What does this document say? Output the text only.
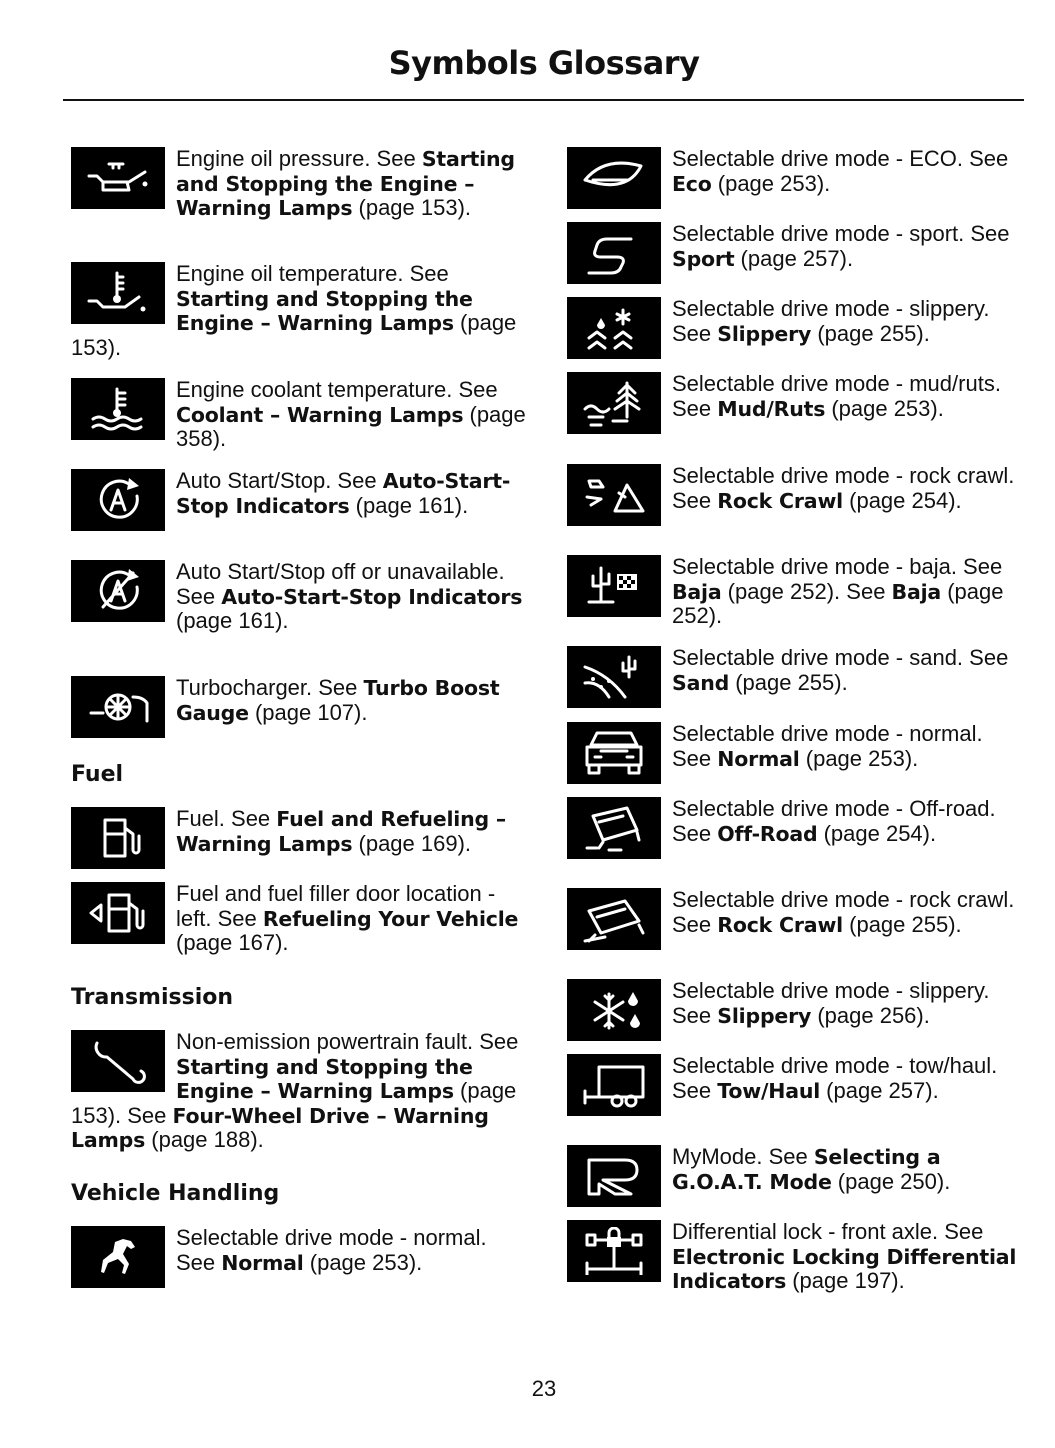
Symbols Glossary
Fuel
Transmission
Vehicle Handling
Engine oil pressure. See Starting and Stopping the Engine – Warning Lamps (page 153).
Engine oil temperature. See Starting and Stopping the Engine – Warning Lamps (page 153).
Engine coolant temperature. See Coolant – Warning Lamps (page 358).
Auto Start/Stop. See Auto-Start-Stop Indicators (page 161).
Auto Start/Stop off or unavailable. See Auto-Start-Stop Indicators (page 161).
Turbocharger. See Turbo Boost Gauge (page 107).
Fuel. See Fuel and Refueling – Warning Lamps (page 169).
Fuel and fuel filler door location - left. See Refueling Your Vehicle (page 167).
Non-emission powertrain fault. See Starting and Stopping the Engine – Warning Lamps (page 153). See Four-Wheel Drive – Warning Lamps (page 188).
Selectable drive mode - normal. See Normal (page 253).
Selectable drive mode - ECO. See Eco (page 253).
Selectable drive mode - sport. See Sport (page 257).
Selectable drive mode - slippery. See Slippery (page 255).
Selectable drive mode - mud/ruts. See Mud/Ruts (page 253).
Selectable drive mode - rock crawl. See Rock Crawl (page 254).
Selectable drive mode - baja. See Baja (page 252). See Baja (page 252).
Selectable drive mode - sand. See Sand (page 255).
Selectable drive mode - normal. See Normal (page 253).
Selectable drive mode - Off-road. See Off-Road (page 254).
Selectable drive mode - rock crawl. See Rock Crawl (page 255).
Selectable drive mode - slippery. See Slippery (page 256).
Selectable drive mode - tow/haul. See Tow/Haul (page 257).
MyMode. See Selecting a G.O.A.T. Mode (page 250).
Differential lock - front axle. See Electronic Locking Differential Indicators (page 197).
23
